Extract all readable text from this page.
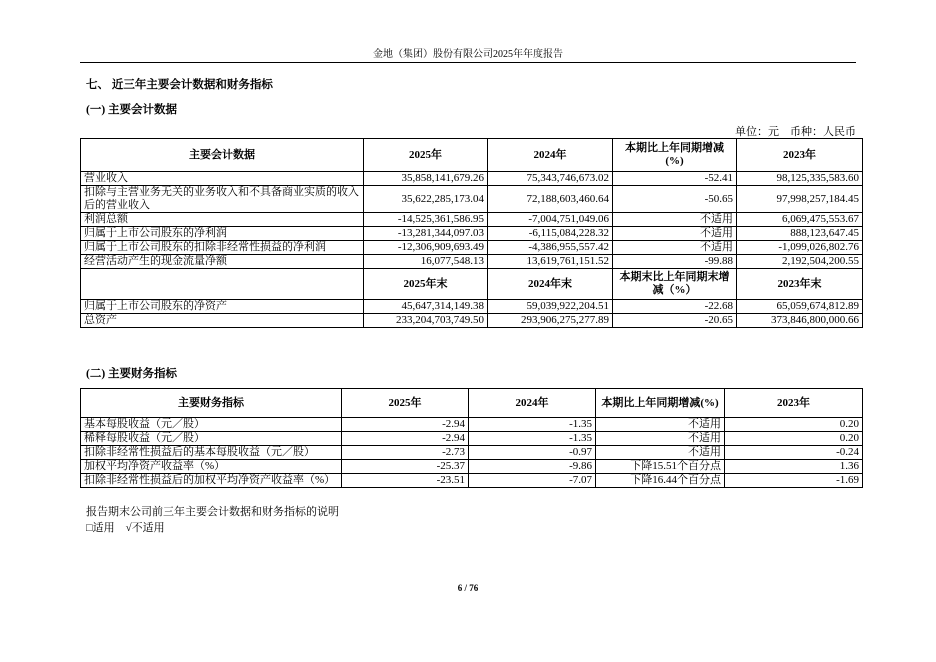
金地（集团）股份有限公司2025年年度报告
七、 近三年主要会计数据和财务指标
(一) 主要会计数据
单位：元　币种：人民币
主要会计数据	2025年	2024年	本期比上年同期增减(%)	2023年
营业收入	35,858,141,679.26	75,343,746,673.02	-52.41	98,125,335,583.60
扣除与主营业务无关的业务收入和不具备商业实质的收入后的营业收入	35,622,285,173.04	72,188,603,460.64	-50.65	97,998,257,184.45
利润总额	-14,525,361,586.95	-7,004,751,049.06	不适用	6,069,475,553.67
归属于上市公司股东的净利润	-13,281,344,097.03	-6,115,084,228.32	不适用	888,123,647.45
归属于上市公司股东的扣除非经常性损益的净利润	-12,306,909,693.49	-4,386,955,557.42	不适用	-1,099,026,802.76
经营活动产生的现金流量净额	16,077,548.13	13,619,761,151.52	-99.88	2,192,504,200.55
	2025年末	2024年末	本期末比上年同期末增减（%）	2023年末
归属于上市公司股东的净资产	45,647,314,149.38	59,039,922,204.51	-22.68	65,059,674,812.89
总资产	233,204,703,749.50	293,906,275,277.89	-20.65	373,846,800,000.66
(二) 主要财务指标
主要财务指标	2025年	2024年	本期比上年同期增减(%)	2023年
基本每股收益（元／股）	-2.94	-1.35	不适用	0.20
稀释每股收益（元／股）	-2.94	-1.35	不适用	0.20
扣除非经常性损益后的基本每股收益（元／股）	-2.73	-0.97	不适用	-0.24
加权平均净资产收益率（%）	-25.37	-9.86	下降15.51个百分点	1.36
扣除非经常性损益后的加权平均净资产收益率（%）	-23.51	-7.07	下降16.44个百分点	-1.69
报告期末公司前三年主要会计数据和财务指标的说明
□适用　√不适用
6 / 76
